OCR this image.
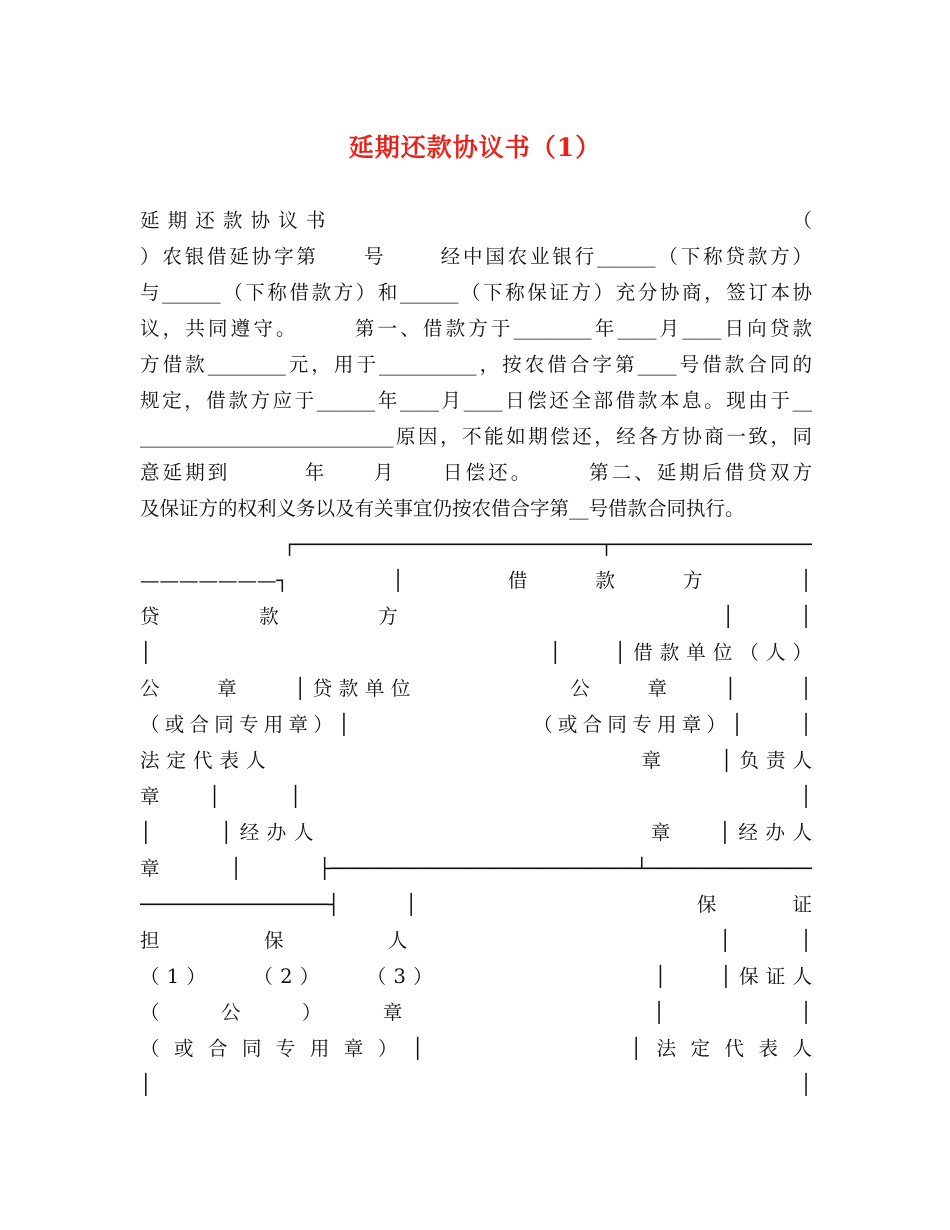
延期还款协议书（1）
延期还款协议书                                （
）农银借延协字第     号      经中国农业银行______（下称贷款方）
与______（下称借款方）和______（下称保证方）充分协商，签订本协
议，共同遵守。      第一、借款方于________年____月____日向贷款
方借款________元，用于__________，按农借合字第____号借款合同的
规定，借款方应于______年____月____日偿还全部借款本息。现由于__
__________________________原因，不能如期偿还，经各方协商一致，同
意延期到        年     月     日偿还。      第二、延期后借贷双方
及保证方的权利义务以及有关事宜仍按农借合字第__号借款合同执行。
┌──────────────────────────┬─────────────────
———————┐       │       借    款    方      │
贷       款       方                        │     │
│                              │    │借款单位（人）
公    章    │贷款单位            公    章    │     │
（或合同专用章）│                （或合同专用章）│     │
法定代表人                            章    │负责人
章   │     │                                    │
│     │经办人                        章   │经办人
章   │    ├──────────────────────────┴──────────────
────────────────┤    │                 保    证
担       保       人                      │     │
（1）   （2）   （3）                │    │保证人
（    公    ）    章                  │          │
（或合同专用章）│          │法定代表人
│                                               │
